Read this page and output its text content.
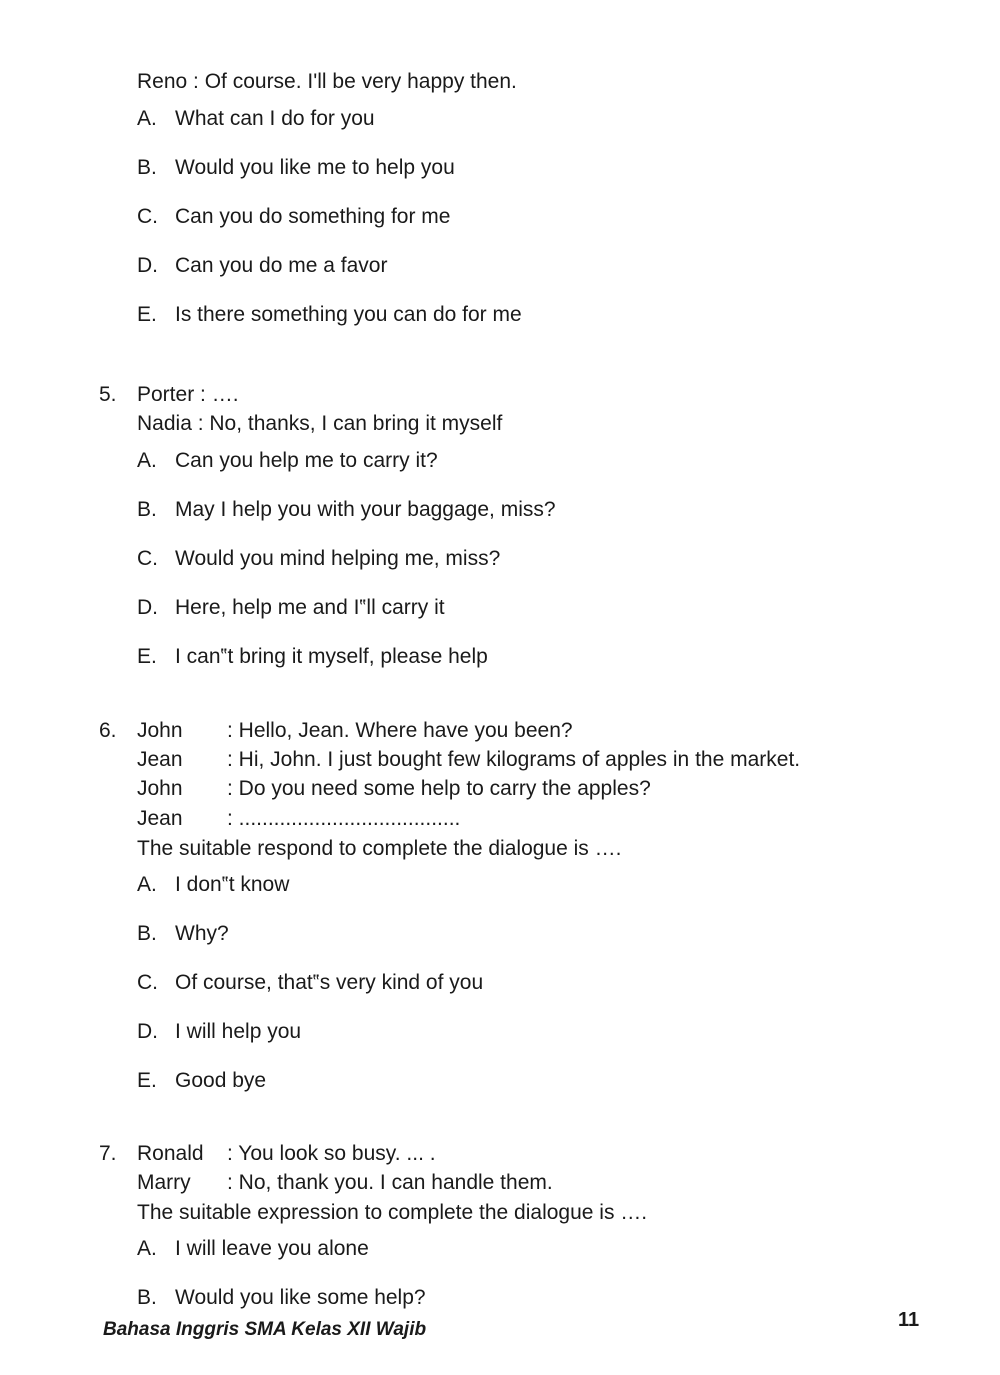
Reno : Of course. I'll be very happy then.
A. What can I do for you
B. Would you like me to help you
C. Can you do something for me
D. Can you do me a favor
E. Is there something you can do for me
5. Porter : ….
Nadia : No, thanks, I can bring it myself
A. Can you help me to carry it?
B. May I help you with your baggage, miss?
C. Would you mind helping me, miss?
D. Here, help me and I‟ll carry it
E. I can‟t bring it myself, please help
6. John : Hello, Jean. Where have you been?
Jean : Hi, John. I just bought few kilograms of apples in the market.
John : Do you need some help to carry the apples?
Jean : ......................................
The suitable respond to complete the dialogue is ….
A. I don‟t know
B. Why?
C. Of course, that‟s very kind of you
D. I will help you
E. Good bye
7. Ronald : You look so busy. ... .
Marry : No, thank you. I can handle them.
The suitable expression to complete the dialogue is ….
A. I will leave you alone
B. Would you like some help?
Bahasa Inggris SMA Kelas XII Wajib	11
